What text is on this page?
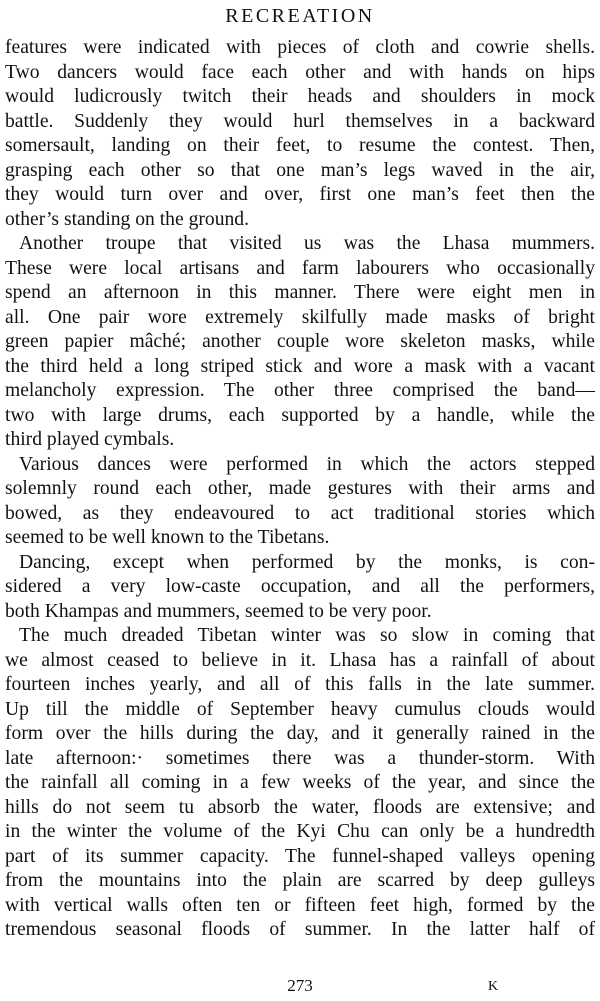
RECREATION
features were indicated with pieces of cloth and cowrie shells.
Two dancers would face each other and with hands on hips
would ludicrously twitch their heads and shoulders in mock
battle. Suddenly they would hurl themselves in a backward
somersault, landing on their feet, to resume the contest. Then,
grasping each other so that one man’s legs waved in the air,
they would turn over and over, first one man’s feet then the
other’s standing on the ground.
Another troupe that visited us was the Lhasa mummers.
These were local artisans and farm labourers who occasionally
spend an afternoon in this manner. There were eight men in
all. One pair wore extremely skilfully made masks of bright
green papier mâché; another couple wore skeleton masks, while
the third held a long striped stick and wore a mask with a vacant
melancholy expression. The other three comprised the band—
two with large drums, each supported by a handle, while the
third played cymbals.
Various dances were performed in which the actors stepped
solemnly round each other, made gestures with their arms and
bowed, as they endeavoured to act traditional stories which
seemed to be well known to the Tibetans.
Dancing, except when performed by the monks, is con-
sidered a very low-caste occupation, and all the performers,
both Khampas and mummers, seemed to be very poor.
The much dreaded Tibetan winter was so slow in coming that
we almost ceased to believe in it. Lhasa has a rainfall of about
fourteen inches yearly, and all of this falls in the late summer.
Up till the middle of September heavy cumulus clouds would
form over the hills during the day, and it generally rained in the
late afternoon:· sometimes there was a thunder-storm. With
the rainfall all coming in a few weeks of the year, and since the
hills do not seem tu absorb the water, floods are extensive; and
in the winter the volume of the Kyi Chu can only be a hundredth
part of its summer capacity. The funnel-shaped valleys opening
from the mountains into the plain are scarred by deep gulleys
with vertical walls often ten or fifteen feet high, formed by the
tremendous seasonal floods of summer. In the latter half of
273	K
